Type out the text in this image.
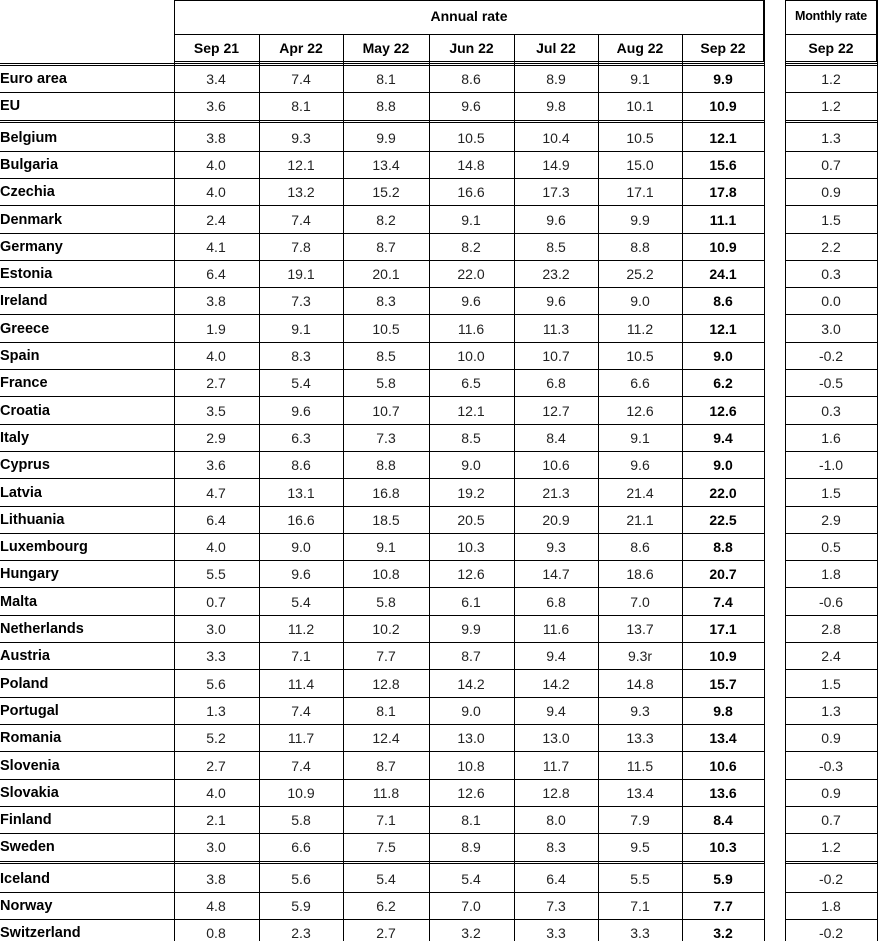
Annual rate	Monthly rate
Sep 21	Apr 22	May 22	Jun 22	Jul 22	Aug 22	Sep 22	Sep 22
Euro area	3.4	7.4	8.1	8.6	8.9	9.1	9.9	1.2
EU	3.6	8.1	8.8	9.6	9.8	10.1	10.9	1.2
Belgium	3.8	9.3	9.9	10.5	10.4	10.5	12.1	1.3
Bulgaria	4.0	12.1	13.4	14.8	14.9	15.0	15.6	0.7
Czechia	4.0	13.2	15.2	16.6	17.3	17.1	17.8	0.9
Denmark	2.4	7.4	8.2	9.1	9.6	9.9	11.1	1.5
Germany	4.1	7.8	8.7	8.2	8.5	8.8	10.9	2.2
Estonia	6.4	19.1	20.1	22.0	23.2	25.2	24.1	0.3
Ireland	3.8	7.3	8.3	9.6	9.6	9.0	8.6	0.0
Greece	1.9	9.1	10.5	11.6	11.3	11.2	12.1	3.0
Spain	4.0	8.3	8.5	10.0	10.7	10.5	9.0	-0.2
France	2.7	5.4	5.8	6.5	6.8	6.6	6.2	-0.5
Croatia	3.5	9.6	10.7	12.1	12.7	12.6	12.6	0.3
Italy	2.9	6.3	7.3	8.5	8.4	9.1	9.4	1.6
Cyprus	3.6	8.6	8.8	9.0	10.6	9.6	9.0	-1.0
Latvia	4.7	13.1	16.8	19.2	21.3	21.4	22.0	1.5
Lithuania	6.4	16.6	18.5	20.5	20.9	21.1	22.5	2.9
Luxembourg	4.0	9.0	9.1	10.3	9.3	8.6	8.8	0.5
Hungary	5.5	9.6	10.8	12.6	14.7	18.6	20.7	1.8
Malta	0.7	5.4	5.8	6.1	6.8	7.0	7.4	-0.6
Netherlands	3.0	11.2	10.2	9.9	11.6	13.7	17.1	2.8
Austria	3.3	7.1	7.7	8.7	9.4	9.3r	10.9	2.4
Poland	5.6	11.4	12.8	14.2	14.2	14.8	15.7	1.5
Portugal	1.3	7.4	8.1	9.0	9.4	9.3	9.8	1.3
Romania	5.2	11.7	12.4	13.0	13.0	13.3	13.4	0.9
Slovenia	2.7	7.4	8.7	10.8	11.7	11.5	10.6	-0.3
Slovakia	4.0	10.9	11.8	12.6	12.8	13.4	13.6	0.9
Finland	2.1	5.8	7.1	8.1	8.0	7.9	8.4	0.7
Sweden	3.0	6.6	7.5	8.9	8.3	9.5	10.3	1.2
Iceland	3.8	5.6	5.4	5.4	6.4	5.5	5.9	-0.2
Norway	4.8	5.9	6.2	7.0	7.3	7.1	7.7	1.8
Switzerland	0.8	2.3	2.7	3.2	3.3	3.3	3.2	-0.2
